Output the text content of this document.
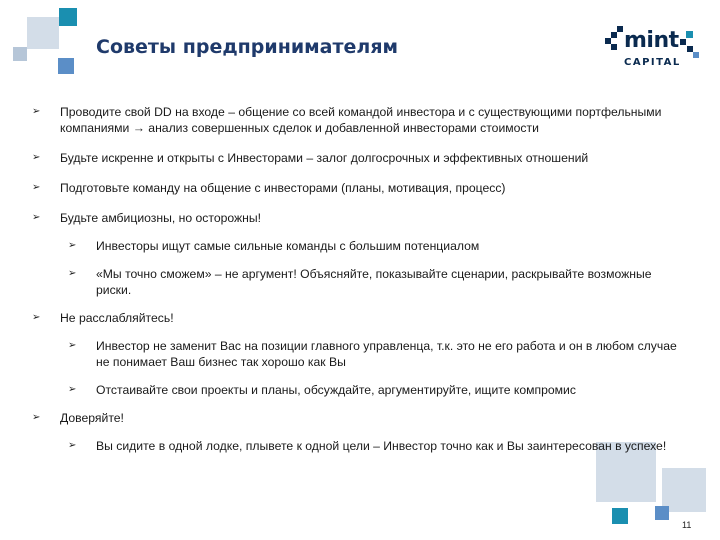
Советы предпринимателям	mint
CAPITAL
➢ Проводите свой DD на входе – общение со всей командой инвестора и с существующими портфельными компаниями → анализ совершенных сделок и добавленной инвесторами стоимости
➢ Будьте искренне и открыты с Инвесторами – залог долгосрочных и эффективных отношений
➢ Подготовьте команду на общение с инвесторами (планы, мотивация, процесс)
➢ Будьте амбициозны, но осторожны!
➢ Инвесторы ищут самые сильные команды с большим потенциалом
➢ «Мы точно сможем» – не аргумент! Объясняйте, показывайте сценарии, раскрывайте возможные риски.
➢ Не расслабляйтесь!
➢ Инвестор не заменит Вас на позиции главного управленца, т.к. это не его работа и он в любом случае не понимает Ваш бизнес так хорошо как Вы
➢ Отстаивайте свои проекты и планы, обсуждайте, аргументируйте, ищите компромис
➢ Доверяйте!
➢ Вы сидите в одной лодке, плывете к одной цели – Инвестор точно как и Вы заинтересован в успехе!
11
